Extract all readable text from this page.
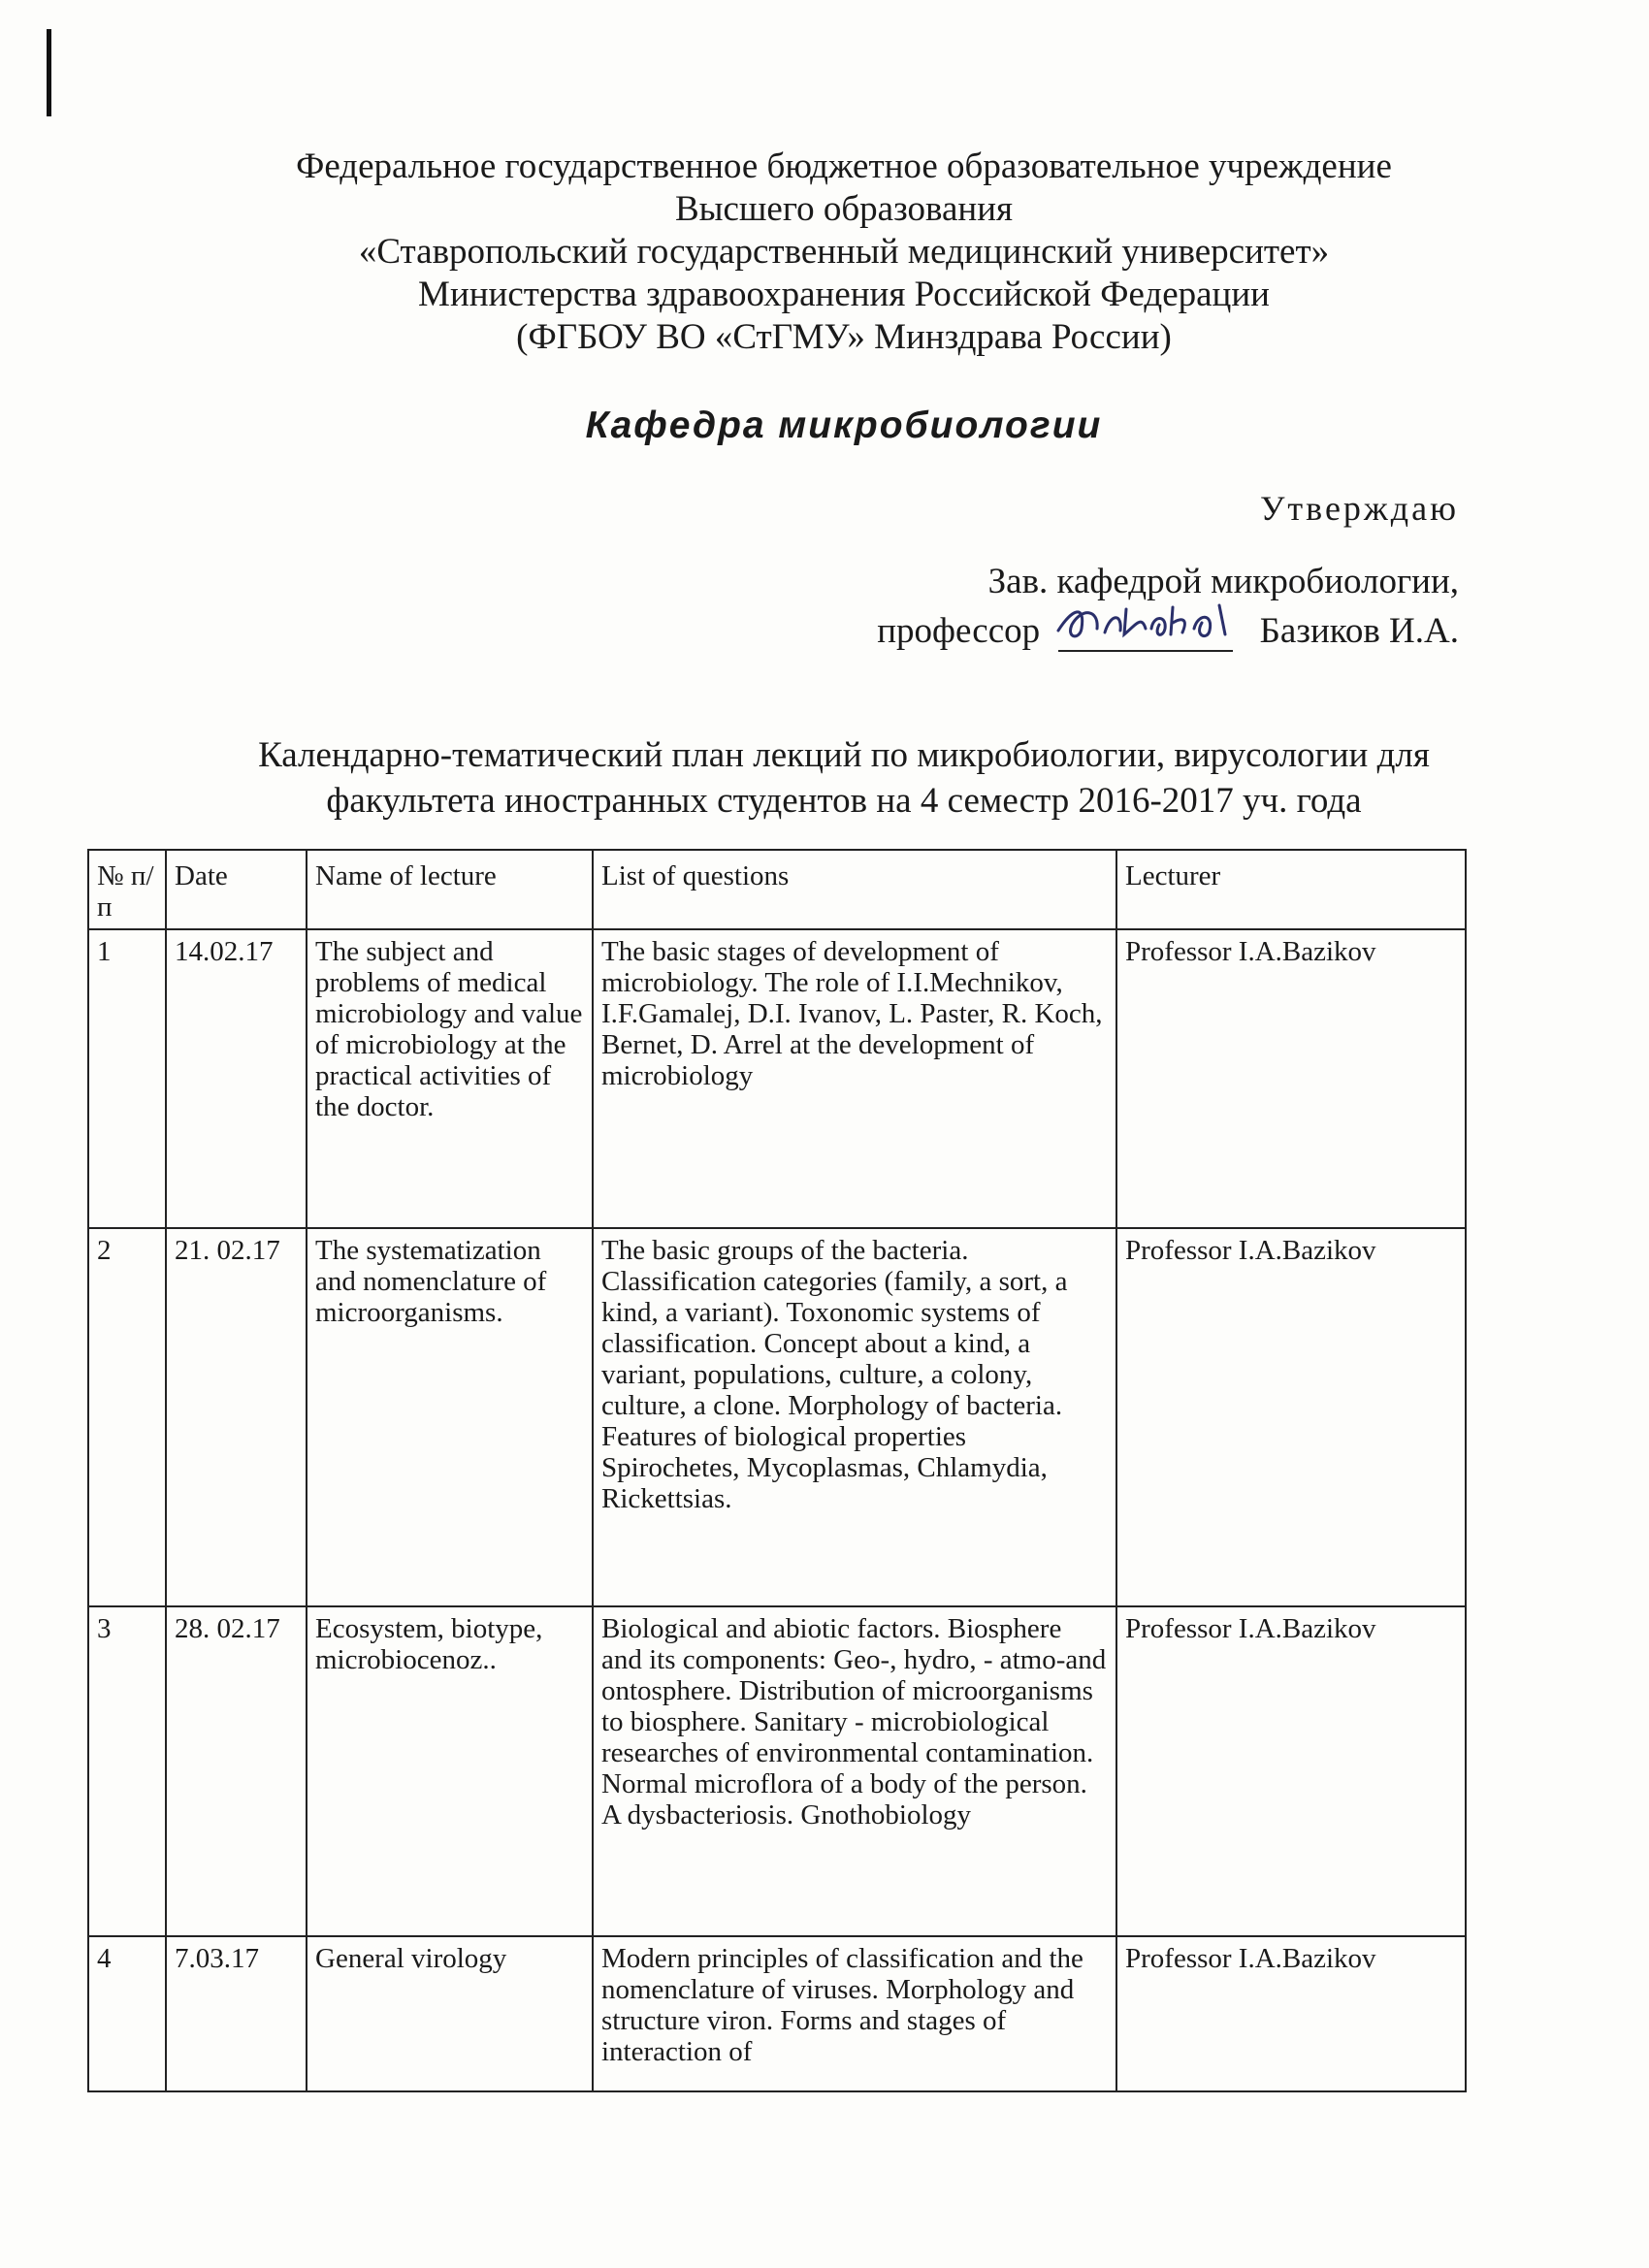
Федеральное государственное бюджетное образовательное учреждение
Высшего образования
«Ставропольский государственный медицинский университет»
Министерства здравоохранения Российской Федерации
(ФГБОУ ВО «СтГМУ» Минздрава России)
Кафедра микробиологии
Утверждаю
Зав. кафедрой микробиологии,
профессор	Базиков И.А.
Календарно-тематический план лекций по микробиологии, вирусологии для
факультета иностранных студентов на 4 семестр 2016-2017 уч. года
№ п/п	Date	Name of lecture	List of questions	Lecturer
1	14.02.17	The subject and problems of medical microbiology and value of microbiology at the practical activities of the doctor.	The basic stages of development of microbiology. The role of I.I.Mechnikov, I.F.Gamalej, D.I. Ivanov, L. Paster, R. Koch, Bernet, D. Arrel at the development of microbiology	Professor I.A.Bazikov
2	21. 02.17	The systematization and nomenclature of microorganisms.	The basic groups of the bacteria. Classification categories (family, a sort, a kind, a variant). Toxonomic systems of classification. Concept about a kind, a variant, populations, culture, a colony, culture, a clone. Morphology of bacteria. Features of biological properties Spirochetes, Mycoplasmas, Chlamydia, Rickettsias.	Professor I.A.Bazikov
3	28. 02.17	Ecosystem, biotype, microbiocenoz..	Biological and abiotic factors. Biosphere and its components: Geo-, hydro, - atmo-and ontosphere. Distribution of microorganisms to biosphere. Sanitary - microbiological researches of environmental contamination. Normal microflora of a body of the person. A dysbacteriosis. Gnothobiology	Professor I.A.Bazikov
4	7.03.17	General virology	Modern principles of classification and the nomenclature of viruses. Morphology and structure viron. Forms and stages of interaction of	Professor I.A.Bazikov
